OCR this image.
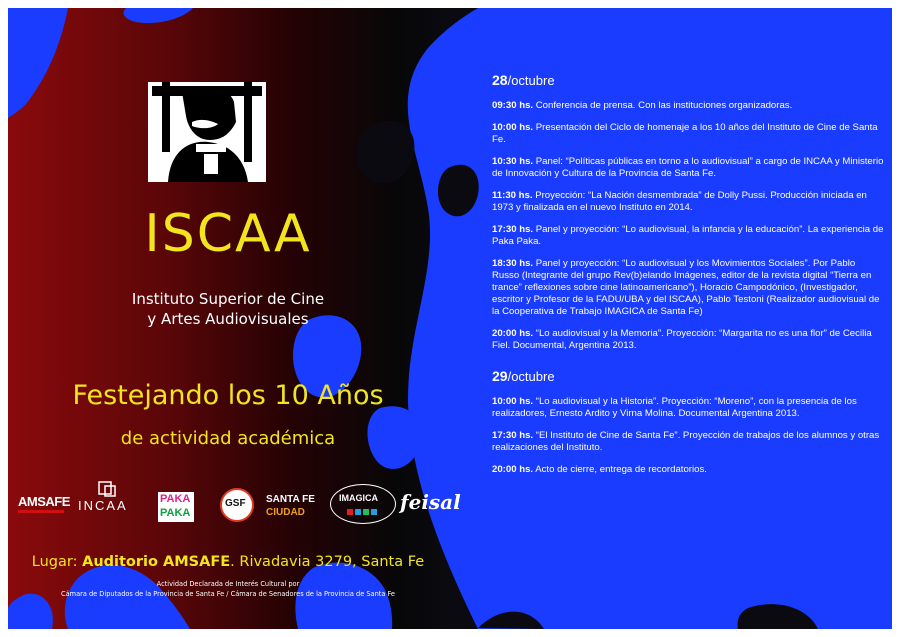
ISCAA
Instituto Superior de Cine
y Artes Audiovisuales
Festejando los 10 Años
de actividad académica
AMSAFE INCAA	PAKA
PAKA
GSF SANTA FE
CIUDAD
IMAGICA feisal
Lugar: Auditorio AMSAFE. Rivadavia 3279, Santa Fe
Actividad Declarada de Interés Cultural por
Cámara de Diputados de la Provincia de Santa Fe / Cámara de Senadores de la Provincia de Santa Fe
28/octubre
09:30 hs. Conferencia de prensa. Con las instituciones organizadoras.
10:00 hs. Presentación del Ciclo de homenaje a los 10 años del Instituto de Cine de Santa Fe.
10:30 hs. Panel: “Políticas públicas en torno a lo audiovisual” a cargo de INCAA y Ministerio de Innovación y Cultura de la Provincia de Santa Fe.
11:30 hs. Proyección: “La Nación desmembrada” de Dolly Pussi. Producción iniciada en 1973 y finalizada en el nuevo Instituto en 2014.
17:30 hs. Panel y proyección: “Lo audiovisual, la infancia y la educación”. La experiencia de Paka Paka.
18:30 hs. Panel y proyección: “Lo audiovisual y los Movimientos Sociales”. Por Pablo Russo (Integrante del grupo Rev(b)elando Imágenes, editor de la revista digital “Tierra en trance” reflexiones sobre cine latinoamericano”), Horacio Campodónico, (Investigador, escritor y Profesor de la FADU/UBA y del ISCAA), Pablo Testoni (Realizador audiovisual de la Cooperativa de Trabajo IMAGICA de Santa Fe)
20:00 hs. “Lo audiovisual y la Memoria”. Proyección: “Margarita no es una flor” de Cecilia Fiel. Documental, Argentina 2013.
29/octubre
10:00 hs. “Lo audiovisual y la Historia”. Proyección: “Moreno”, con la presencia de los realizadores, Ernesto Ardito y Virna Molina. Documental Argentina 2013.
17:30 hs. “El Instituto de Cine de Santa Fe”. Proyección de trabajos de los alumnos y otras realizaciones del Instituto.
20:00 hs. Acto de cierre, entrega de recordatorios.
